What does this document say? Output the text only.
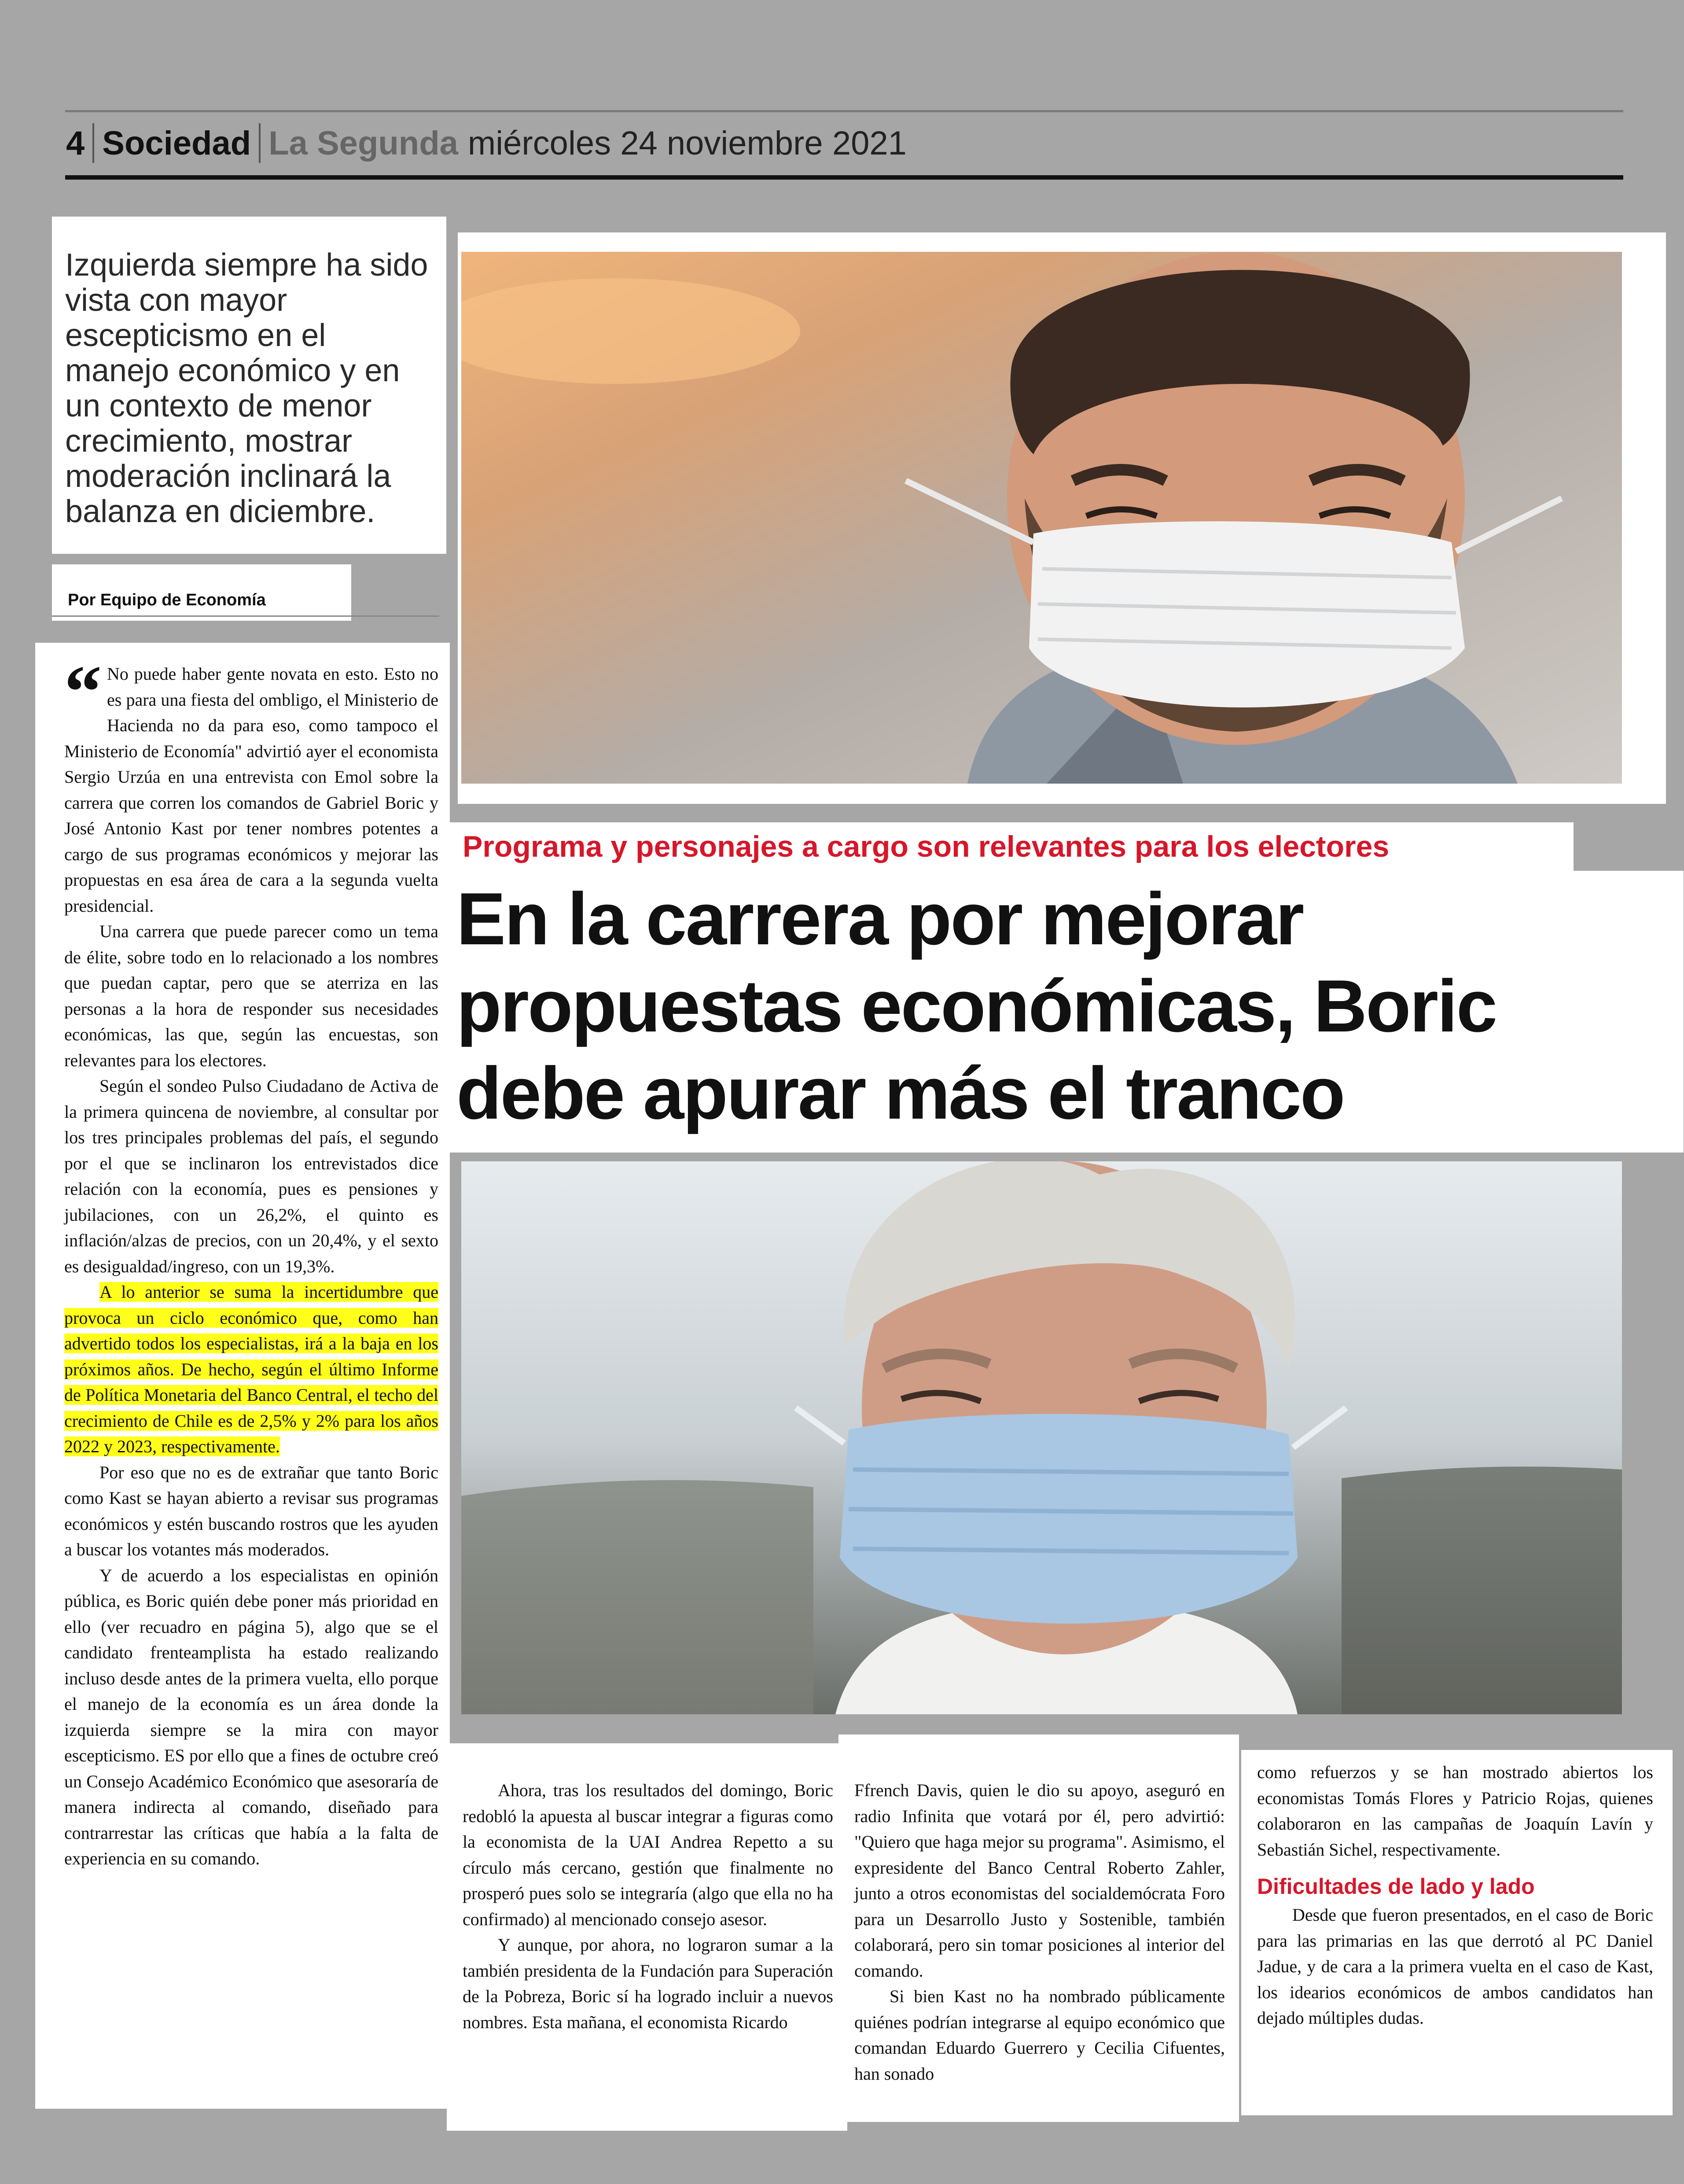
4 Sociedad La Segunda miércoles 24 noviembre 2021

Izquierda siempre ha sido vista con mayor escepticismo en el manejo económico y en un contexto de menor crecimiento, mostrar moderación inclinará la balanza en diciembre.

Por Equipo de Economía

“ No puede haber gente novata en esto. Esto no es para una fiesta del ombligo, el Ministerio de Hacienda no da para eso, como tampoco el Ministerio de Economía" advirtió ayer el economista Sergio Urzúa en una entrevista con Emol sobre la carrera que corren los comandos de Gabriel Boric y José Antonio Kast por tener nombres potentes a cargo de sus programas económicos y mejorar las propuestas en esa área de cara a la segunda vuelta presidencial.

Una carrera que puede parecer como un tema de élite, sobre todo en lo relacionado a los nombres que puedan captar, pero que se aterriza en las personas a la hora de responder sus necesidades económicas, las que, según las encuestas, son relevantes para los electores.

Según el sondeo Pulso Ciudadano de Activa de la primera quincena de noviembre, al consultar por los tres principales problemas del país, el segundo por el que se inclinaron los entrevistados dice relación con la economía, pues es pensiones y jubilaciones, con un 26,2%, el quinto es inflación/alzas de precios, con un 20,4%, y el sexto es desigualdad/ingreso, con un 19,3%.

A lo anterior se suma la incertidumbre que provoca un ciclo económico que, como han advertido todos los especialistas, irá a la baja en los próximos años. De hecho, según el último Informe de Política Monetaria del Banco Central, el techo del crecimiento de Chile es de 2,5% y 2% para los años 2022 y 2023, respectivamente.

Por eso que no es de extrañar que tanto Boric como Kast se hayan abierto a revisar sus programas económicos y estén buscando rostros que les ayuden a buscar los votantes más moderados.

Y de acuerdo a los especialistas en opinión pública, es Boric quién debe poner más prioridad en ello (ver recuadro en página 5), algo que se el candidato frenteamplista ha estado realizando incluso desde antes de la primera vuelta, ello porque el manejo de la economía es un área donde la izquierda siempre se la mira con mayor escepticismo. ES por ello que a fines de octubre creó un Consejo Académico Económico que asesoraría de manera indirecta al comando, diseñado para contrarrestar las críticas que había a la falta de experiencia en su comando.

Programa y personajes a cargo son relevantes para los electores
En la carrera por mejorar propuestas económicas, Boric debe apurar más el tranco

Ahora, tras los resultados del domingo, Boric redobló la apuesta al buscar integrar a figuras como la economista de la UAI Andrea Repetto a su círculo más cercano, gestión que finalmente no prosperó pues solo se integraría (algo que ella no ha confirmado) al mencionado consejo asesor.

Y aunque, por ahora, no lograron sumar a la también presidenta de la Fundación para Superación de la Pobreza, Boric sí ha logrado incluir a nuevos nombres. Esta mañana, el economista Ricardo

Ffrench Davis, quien le dio su apoyo, aseguró en radio Infinita que votará por él, pero advirtió: "Quiero que haga mejor su programa". Asimismo, el expresidente del Banco Central Roberto Zahler, junto a otros economistas del socialdemócrata Foro para un Desarrollo Justo y Sostenible, también colaborará, pero sin tomar posiciones al interior del comando.

Si bien Kast no ha nombrado públicamente quiénes podrían integrarse al equipo económico que comandan Eduardo Guerrero y Cecilia Cifuentes, han sonado

como refuerzos y se han mostrado abiertos los economistas Tomás Flores y Patricio Rojas, quienes colaboraron en las campañas de Joaquín Lavín y Sebastián Sichel, respectivamente.

Dificultades de lado y lado

Desde que fueron presentados, en el caso de Boric para las primarias en las que derrotó al PC Daniel Jadue, y de cara a la primera vuelta en el caso de Kast, los idearios económicos de ambos candidatos han dejado múltiples dudas.
